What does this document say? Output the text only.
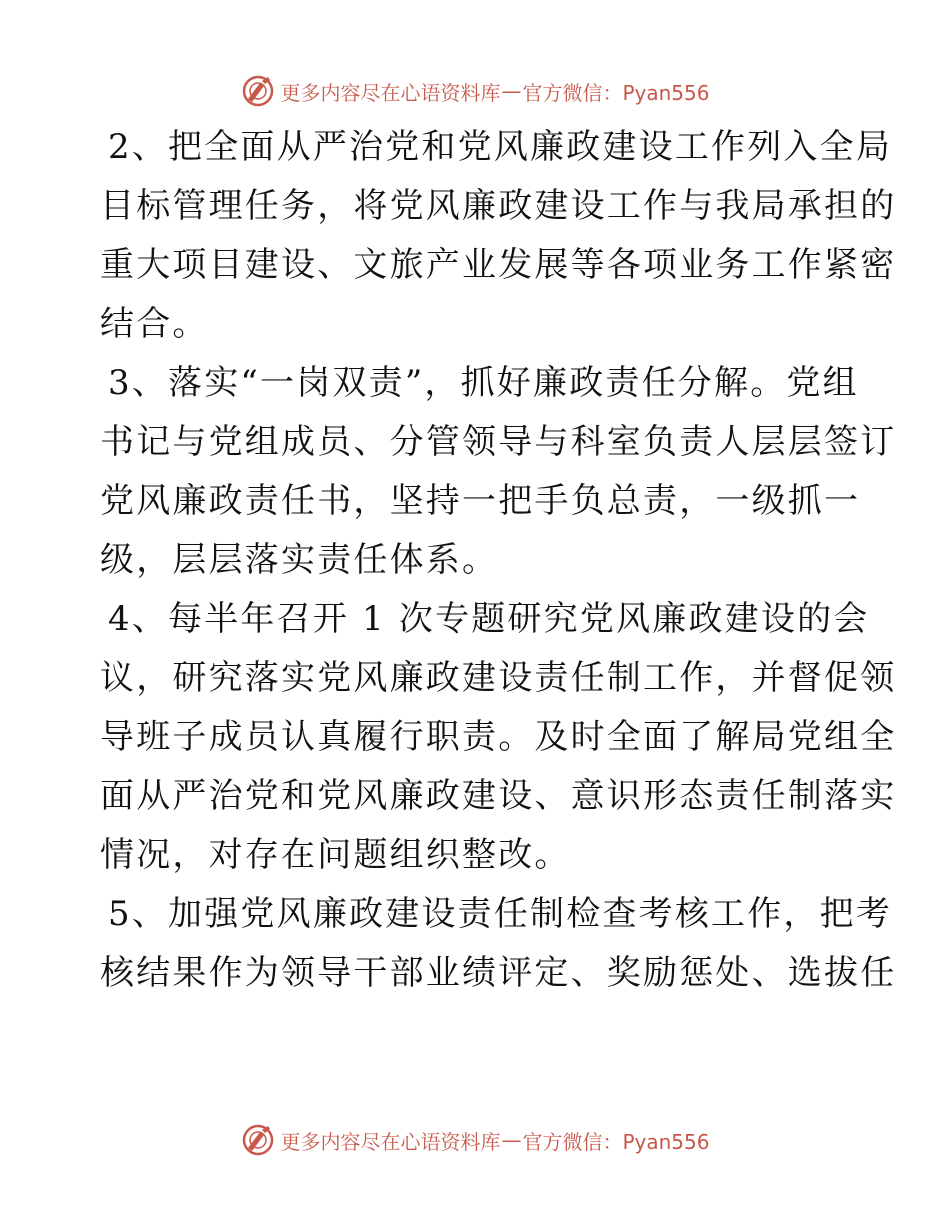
更多内容尽在心语资料库 — 官方微信：Pyan556
2、把全面从严治党和党风廉政建设工作列入全局
目标管理任务，将党风廉政建设工作与我局承担的
重大项目建设、文旅产业发展等各项业务工作紧密
结合。
3、落实“一岗双责”，抓好廉政责任分解。党组
书记与党组成员、分管领导与科室负责人层层签订
党风廉政责任书，坚持一把手负总责，一级抓一
级，层层落实责任体系。
4、每半年召开 1 次专题研究党风廉政建设的会
议，研究落实党风廉政建设责任制工作，并督促领
导班子成员认真履行职责。及时全面了解局党组全
面从严治党和党风廉政建设、意识形态责任制落实
情况，对存在问题组织整改。
5、加强党风廉政建设责任制检查考核工作，把考
核结果作为领导干部业绩评定、奖励惩处、选拔任
更多内容尽在心语资料库 — 官方微信：Pyan556
